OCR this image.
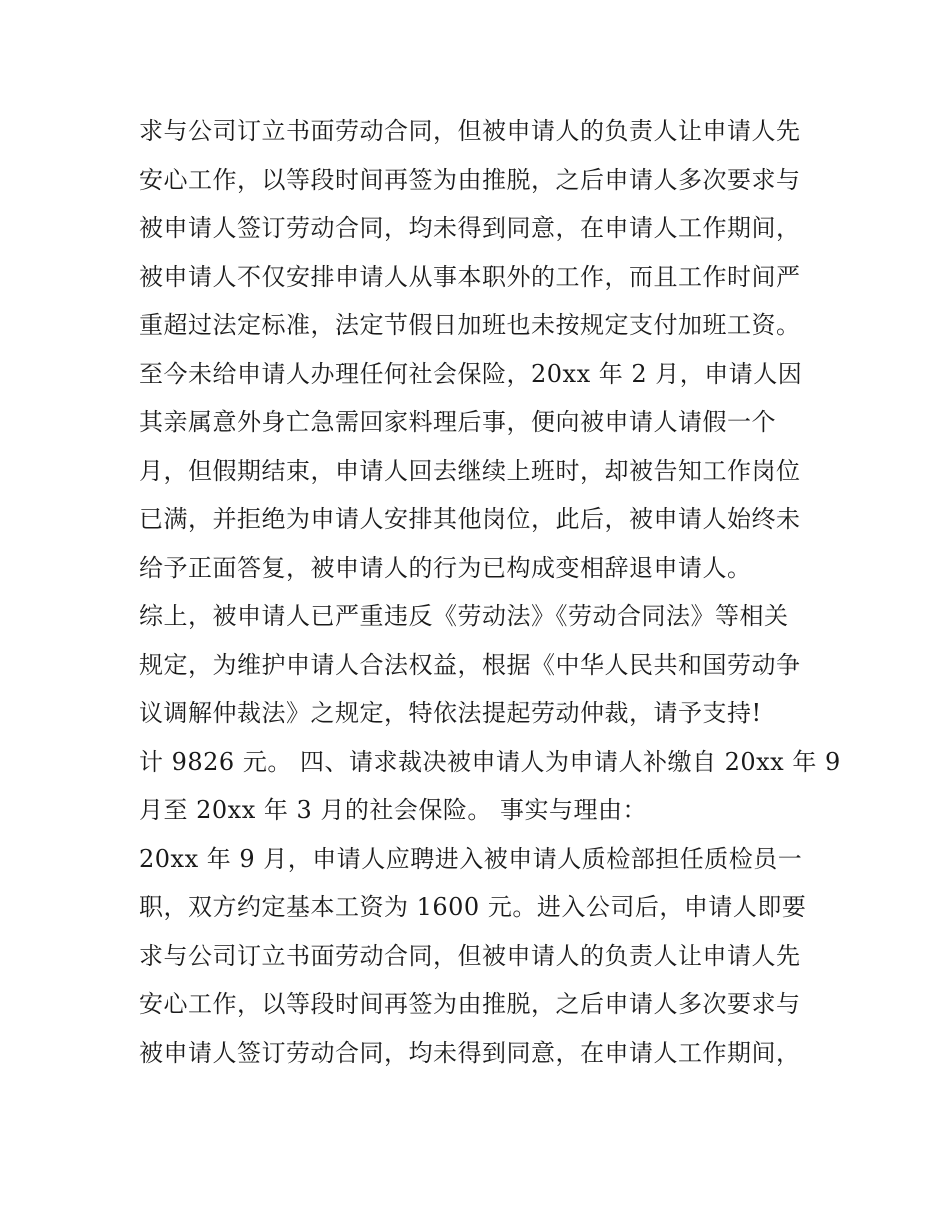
求与公司订立书面劳动合同，但被申请人的负责人让申请人先
安心工作，以等段时间再签为由推脱，之后申请人多次要求与
被申请人签订劳动合同，均未得到同意，在申请人工作期间，
被申请人不仅安排申请人从事本职外的工作，而且工作时间严
重超过法定标准，法定节假日加班也未按规定支付加班工资。
至今未给申请人办理任何社会保险，20xx 年 2 月，申请人因
其亲属意外身亡急需回家料理后事，便向被申请人请假一个
月，但假期结束，申请人回去继续上班时，却被告知工作岗位
已满，并拒绝为申请人安排其他岗位，此后，被申请人始终未
给予正面答复，被申请人的行为已构成变相辞退申请人。
综上，被申请人已严重违反《劳动法》《劳动合同法》等相关
规定，为维护申请人合法权益，根据《中华人民共和国劳动争
议调解仲裁法》之规定，特依法提起劳动仲裁，请予支持!
计 9826 元。 四、请求裁决被申请人为申请人补缴自 20xx 年 9
月至 20xx 年 3 月的社会保险。 事实与理由：
20xx 年 9 月，申请人应聘进入被申请人质检部担任质检员一
职，双方约定基本工资为 1600 元。进入公司后，申请人即要
求与公司订立书面劳动合同，但被申请人的负责人让申请人先
安心工作，以等段时间再签为由推脱，之后申请人多次要求与
被申请人签订劳动合同，均未得到同意，在申请人工作期间，
